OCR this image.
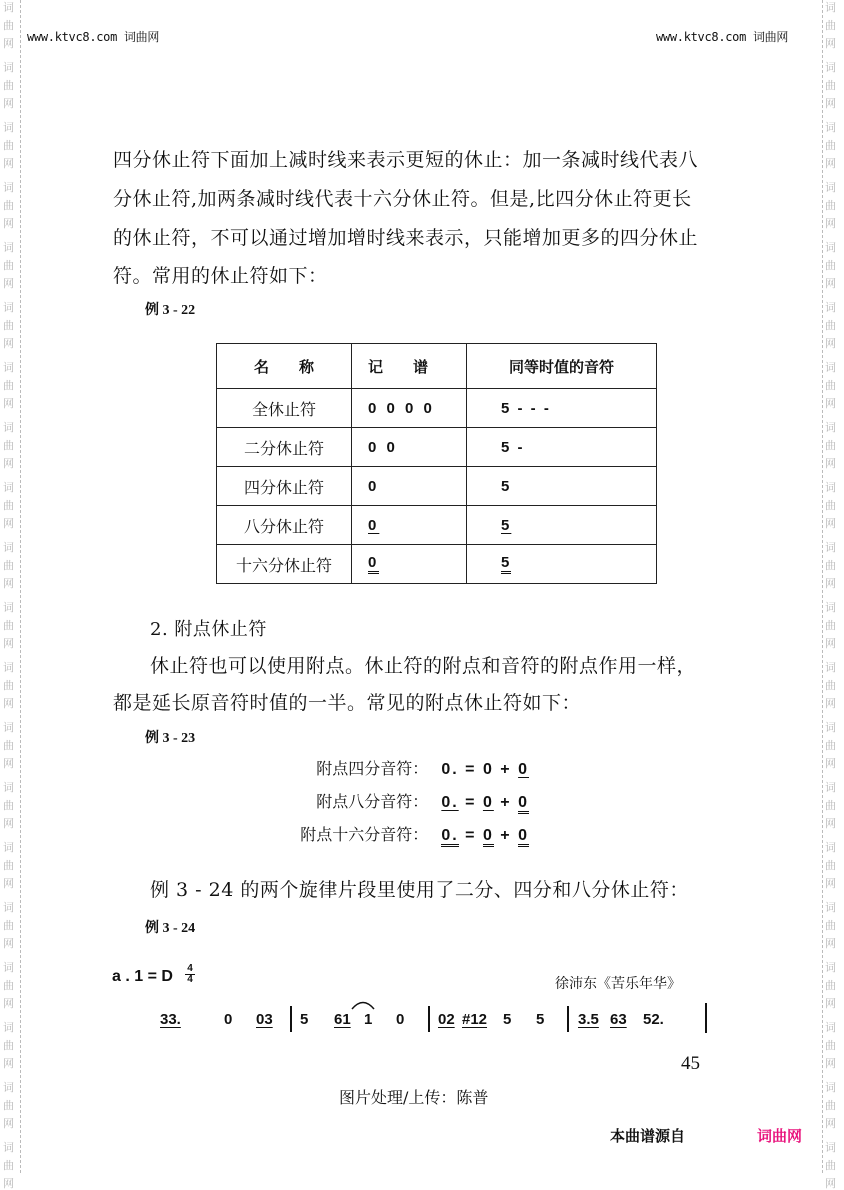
词
曲
网
词
曲
网
词
曲
网
词
曲
网
词
曲
网
词
曲
网
词
曲
网
词
曲
网
词
曲
网
词
曲
网
词
曲
网
词
曲
网
词
曲
网
词
曲
网
词
曲
网
词
曲
网
词
曲
网
词
曲
网
词
曲
网
词
曲
网
词
曲
网
词
曲
网
词
曲
网
词
曲
网
词
曲
网
词
曲
网
词
曲
网
词
曲
网
词
曲
网
词
曲
网
词
曲
网
词
曲
网
词
曲
网
词
曲
网
词
曲
网
词
曲
网
词
曲
网
词
曲
网
词
曲
网
词
曲
网
www.ktvc8.com 词曲网	www.ktvc8.com 词曲网
四分休止符下面加上减时线来表示更短的休止：加一条减时线代表八
分休止符,加两条减时线代表十六分休止符。但是,比四分休止符更长
的休止符，不可以通过增加增时线来表示，只能增加更多的四分休止
符。常用的休止符如下：
例 3 - 22
名　　称	记　　谱	同等时值的音符
全休止符	0 0 0 0	5 - - -
二分休止符	0 0	5 -
四分休止符	0	5
八分休止符	0	5
十六分休止符	0	5
2. 附点休止符
休止符也可以使用附点。休止符的附点和音符的附点作用一样，
都是延长原音符时值的一半。常见的附点休止符如下：
例 3 - 23
附点四分音符： 0. = 0 + 0
附点八分音符： 0. = 0 + 0
附点十六分音符： 0. = 0 + 0
例 3 - 24 的两个旋律片段里使用了二分、四分和八分休止符：
例 3 - 24
a . 1 = D 4
4	徐沛东《苦乐年华》
33.	0 03 5 61 1 0 02 #12 5 5 3.5 63 52.
45
图片处理/上传：陈普
本曲谱源自	词曲网
